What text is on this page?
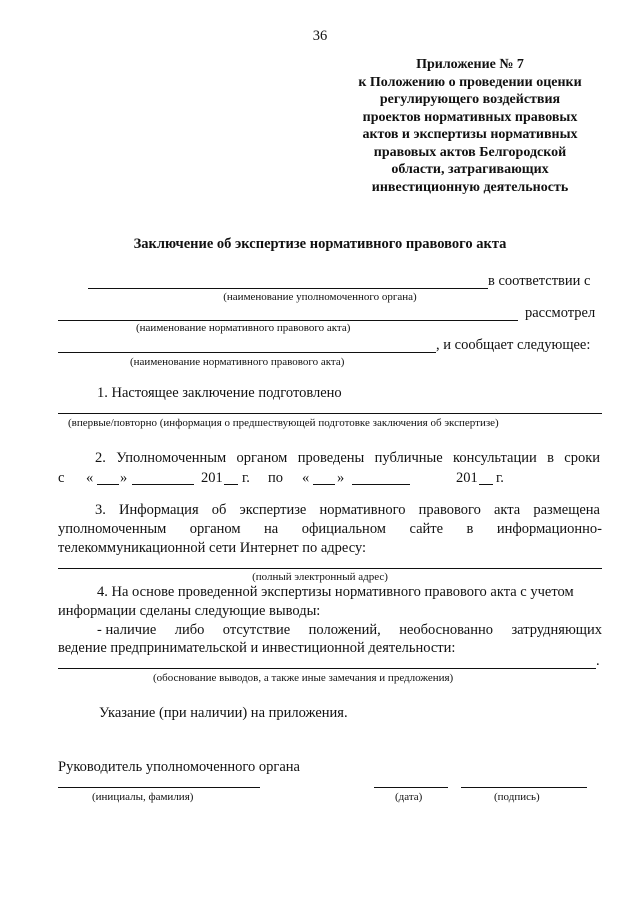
36
Приложение № 7
к Положению о проведении оценки
регулирующего воздействия
проектов нормативных правовых
актов и экспертизы нормативных
правовых актов Белгородской
области, затрагивающих
инвестиционную деятельность
Заключение об экспертизе нормативного правового акта
в соответствии с
(наименование уполномоченного органа)
рассмотрел
(наименование нормативного правового акта)
, и сообщает следующее:
(наименование нормативного правового акта)
1. Настоящее заключение подготовлено
(впервые/повторно (информация о предшествующей подготовке заключения об экспертизе)
2. Уполномоченным органом проведены публичные консультации в сроки
с « »	201 г. по « »	201 г.
3. Информация об экспертизе нормативного правового акта размещена
уполномоченным органом на официальном сайте в информационно-
телекоммуникационной сети Интернет по адресу:
(полный электронный адрес)
4. На основе проведенной экспертизы нормативного правового акта с учетом
информации сделаны следующие выводы:
- наличие либо отсутствие положений, необоснованно затрудняющих
ведение предпринимательской и инвестиционной деятельности:
.
(обоснование выводов, а также иные замечания и предложения)
Указание (при наличии) на приложения.
Руководитель уполномоченного органа
(инициалы, фамилия)	(дата)	(подпись)
